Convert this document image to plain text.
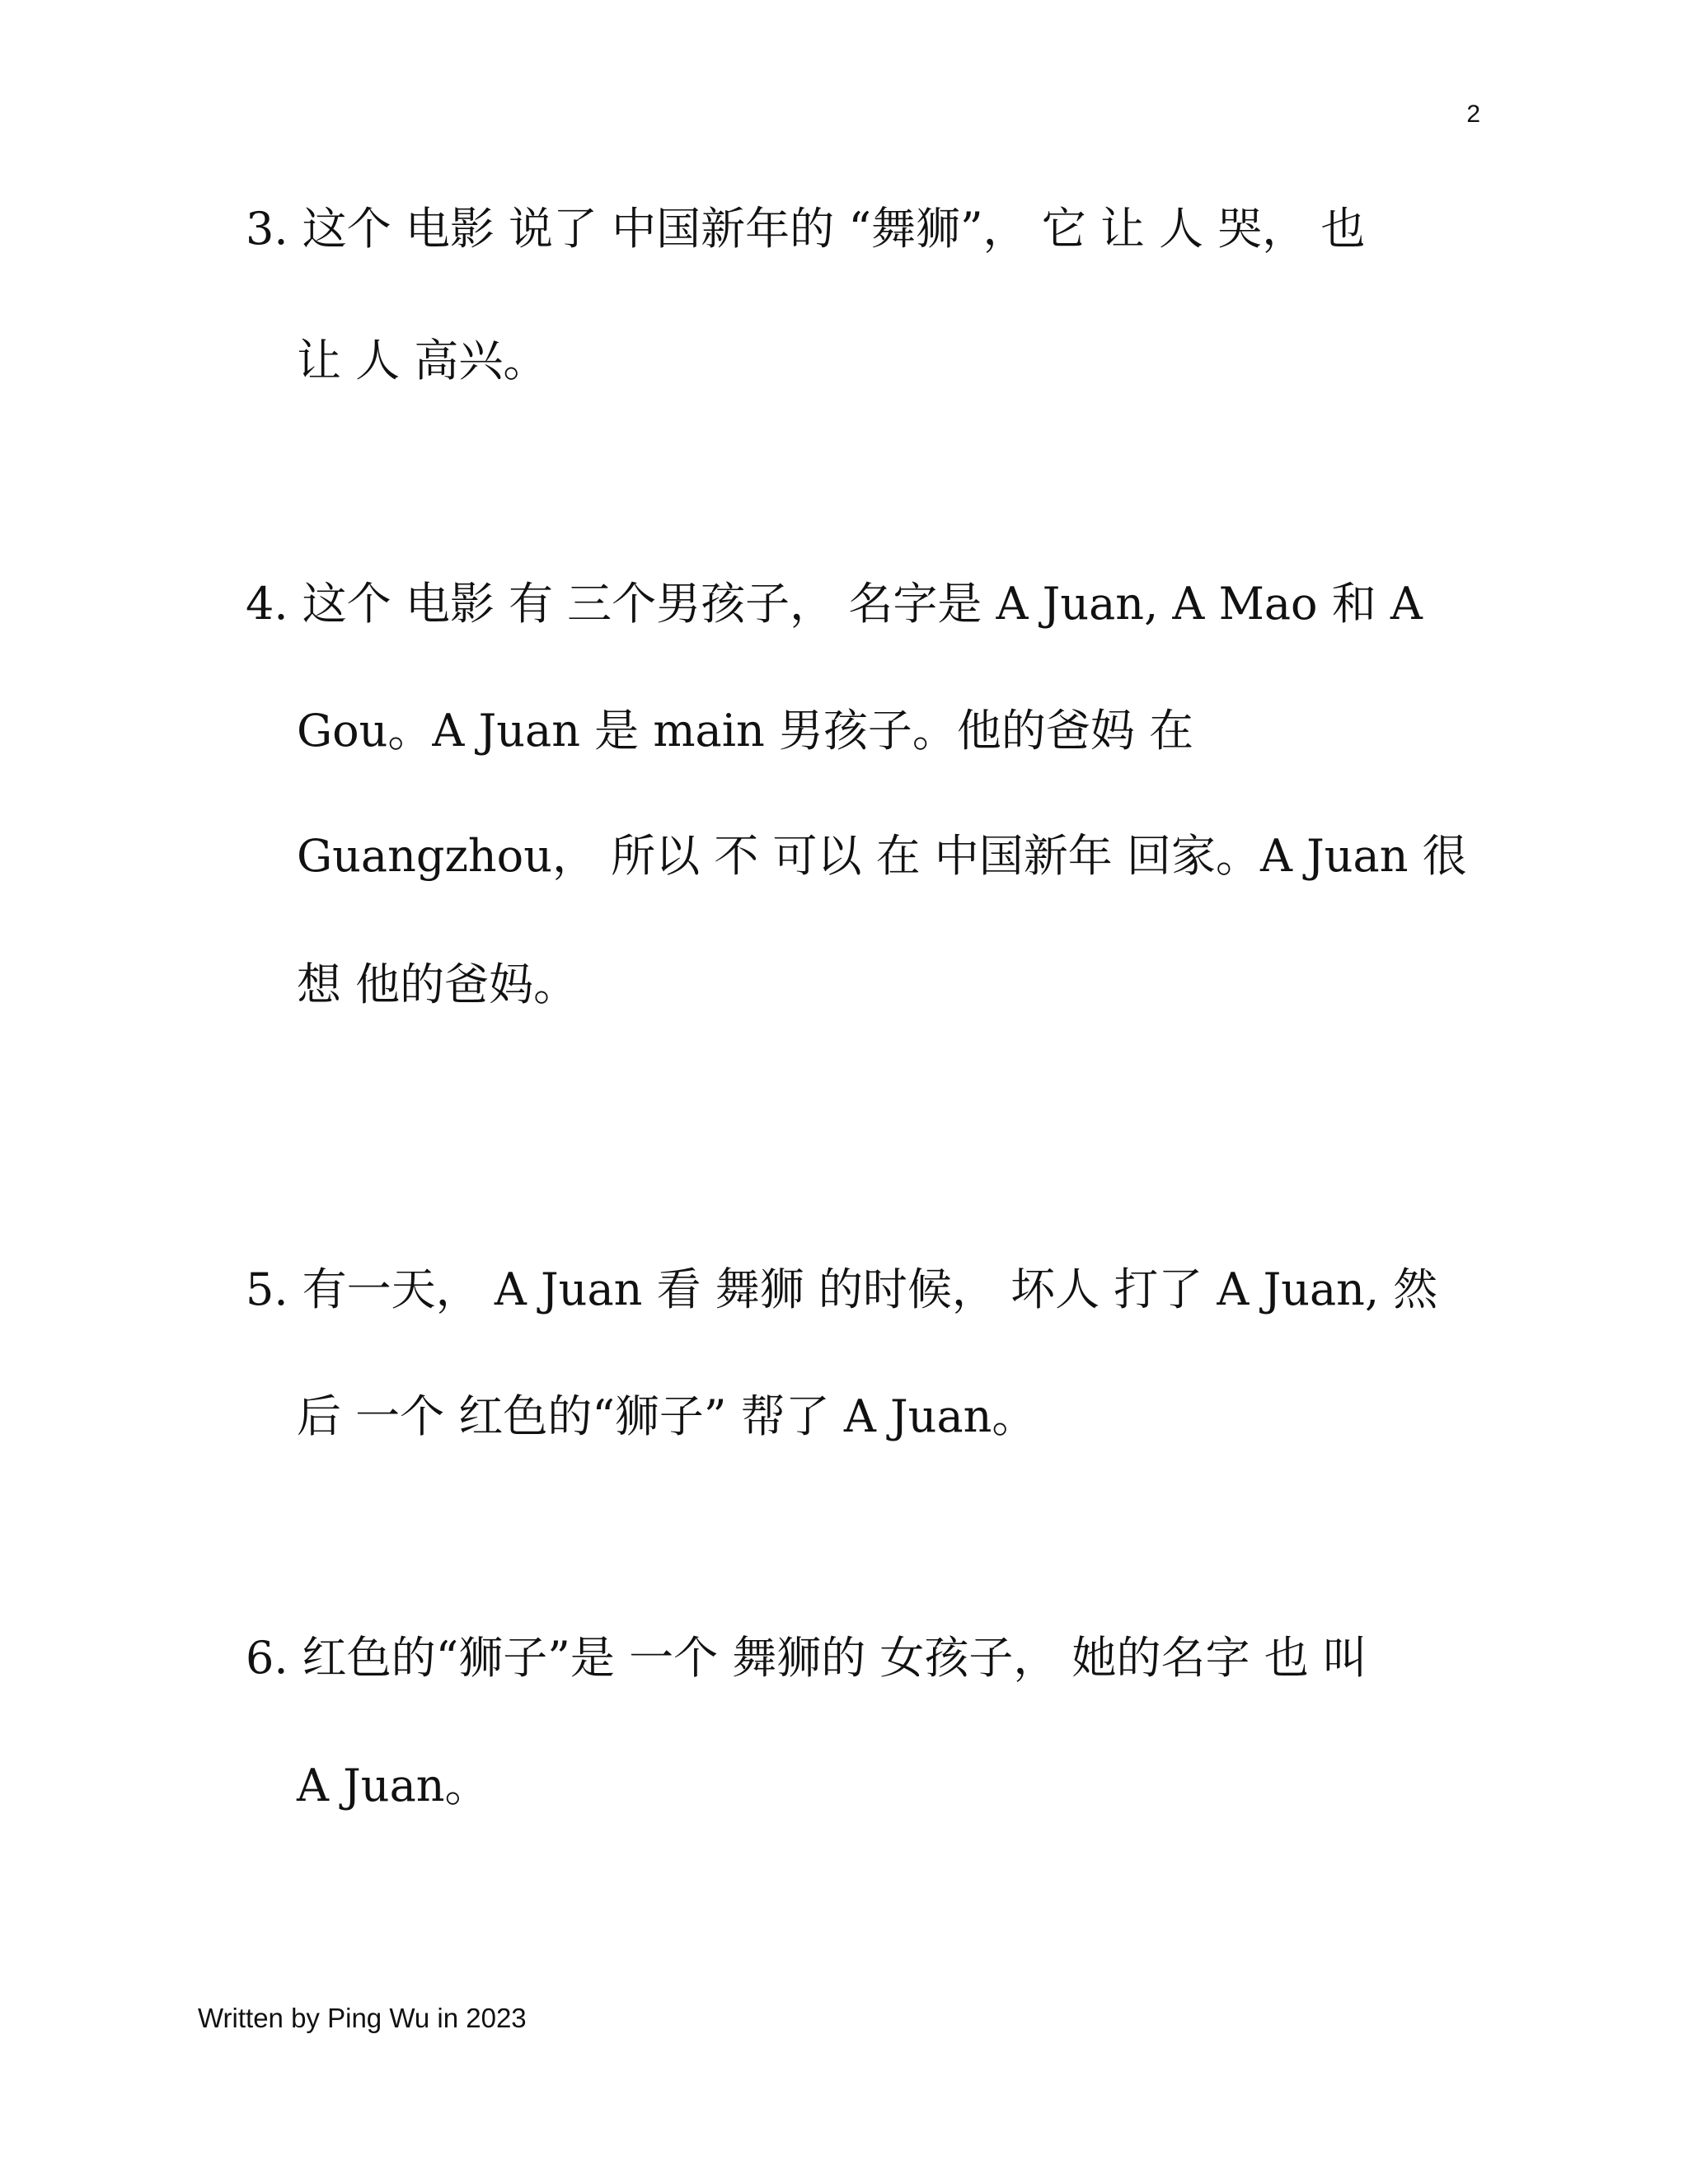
2
3. 这个 电影 说了 中国新年的 “舞狮”， 它 让 人 哭， 也
让 人 高兴。
4. 这个 电影 有 三个男孩子， 名字是 A Juan, A Mao 和 A
Gou。A Juan 是 main 男孩子。他的爸妈 在
Guangzhou， 所以 不 可以 在 中国新年 回家。A Juan 很
想 他的爸妈。
5. 有一天， A Juan 看 舞狮 的时候， 坏人 打了 A Juan, 然
后 一个 红色的“狮子” 帮了 A Juan。
6. 红色的“狮子”是 一个 舞狮的 女孩子， 她的名字 也 叫
A Juan。
Written by Ping Wu in 2023
